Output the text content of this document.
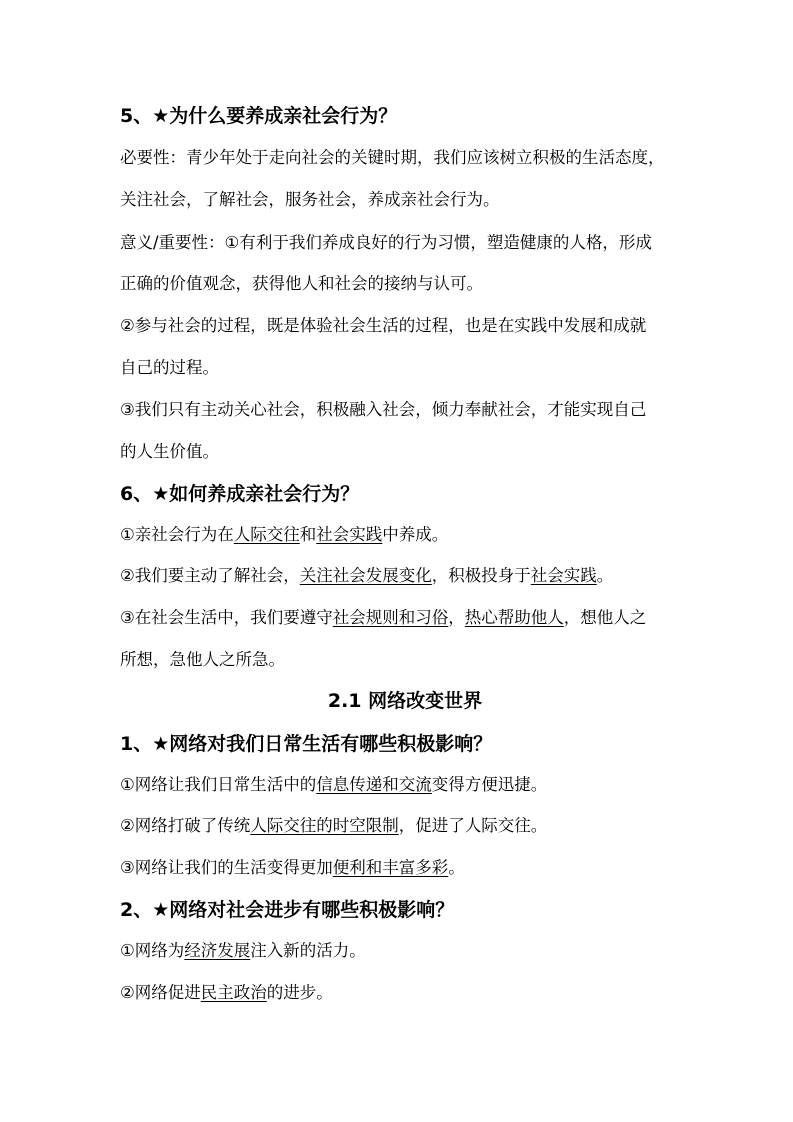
5、★为什么要养成亲社会行为？
必要性：青少年处于走向社会的关键时期，我们应该树立积极的生活态度，
关注社会，了解社会，服务社会，养成亲社会行为。
意义/重要性：①有利于我们养成良好的行为习惯，塑造健康的人格，形成
正确的价值观念，获得他人和社会的接纳与认可。
②参与社会的过程，既是体验社会生活的过程，也是在实践中发展和成就
自己的过程。
③我们只有主动关心社会，积极融入社会，倾力奉献社会，才能实现自己
的人生价值。
6、★如何养成亲社会行为？
①亲社会行为在人际交往和社会实践中养成。
②我们要主动了解社会，关注社会发展变化，积极投身于社会实践。
③在社会生活中，我们要遵守社会规则和习俗，热心帮助他人，想他人之
所想，急他人之所急。
2.1 网络改变世界
1、★网络对我们日常生活有哪些积极影响？
①网络让我们日常生活中的信息传递和交流变得方便迅捷。
②网络打破了传统人际交往的时空限制，促进了人际交往。
③网络让我们的生活变得更加便利和丰富多彩。
2、★网络对社会进步有哪些积极影响？
①网络为经济发展注入新的活力。
②网络促进民主政治的进步。
